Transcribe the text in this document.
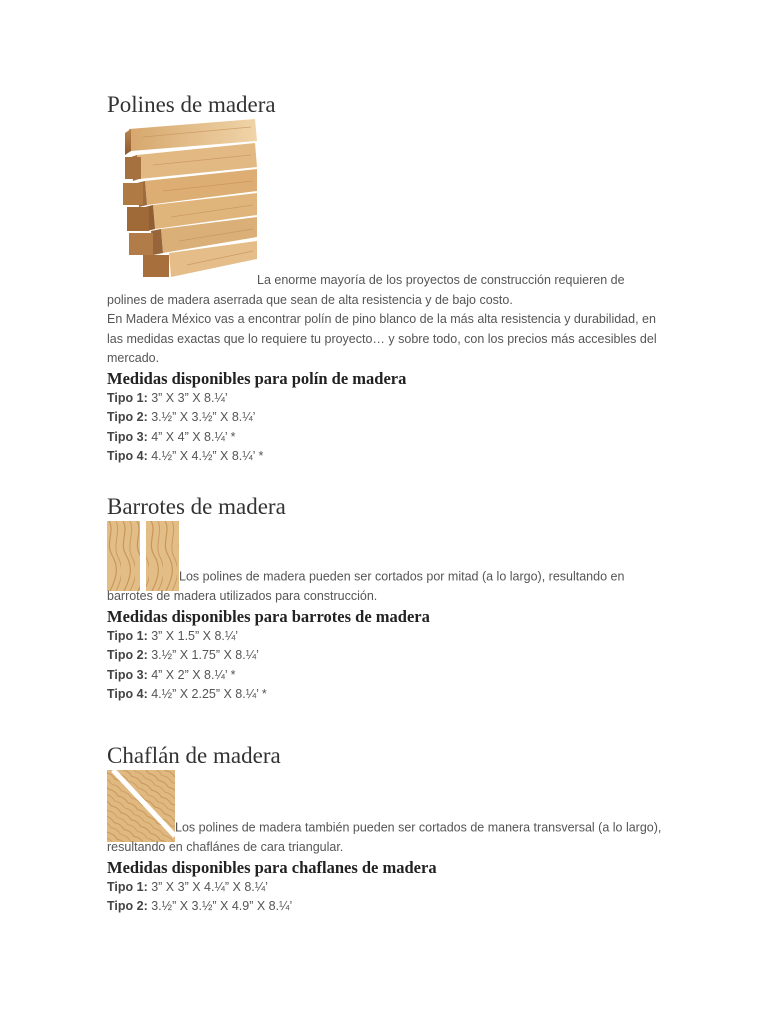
Polines de madera

La enorme mayoría de los proyectos de construcción requieren de polines de madera aserrada que sean de alta resistencia y de bajo costo.

En Madera México vas a encontrar polín de pino blanco de la más alta resistencia y durabilidad, en las medidas exactas que lo requiere tu proyecto… y sobre todo, con los precios más accesibles del mercado.

Medidas disponibles para polín de madera
Tipo 1: 3” X 3” X 8.¼’
Tipo 2: 3.½” X 3.½” X 8.¼’
Tipo 3: 4” X 4” X 8.¼’ *
Tipo 4: 4.½” X 4.½” X 8.¼’ *
Barrotes de madera

Los polines de madera pueden ser cortados por mitad (a lo largo), resultando en barrotes de madera utilizados para construcción.

Medidas disponibles para barrotes de madera
Tipo 1: 3” X 1.5” X 8.¼’
Tipo 2: 3.½” X 1.75” X 8.¼’
Tipo 3: 4” X 2” X 8.¼’ *
Tipo 4: 4.½” X 2.25” X 8.¼’ *
Chaflán de madera

Los polines de madera también pueden ser cortados de manera transversal (a lo largo), resultando en chaflánes de cara triangular.

Medidas disponibles para chaflanes de madera
Tipo 1: 3” X 3” X 4.¼” X 8.¼’
Tipo 2: 3.½” X 3.½” X 4.9” X 8.¼’
